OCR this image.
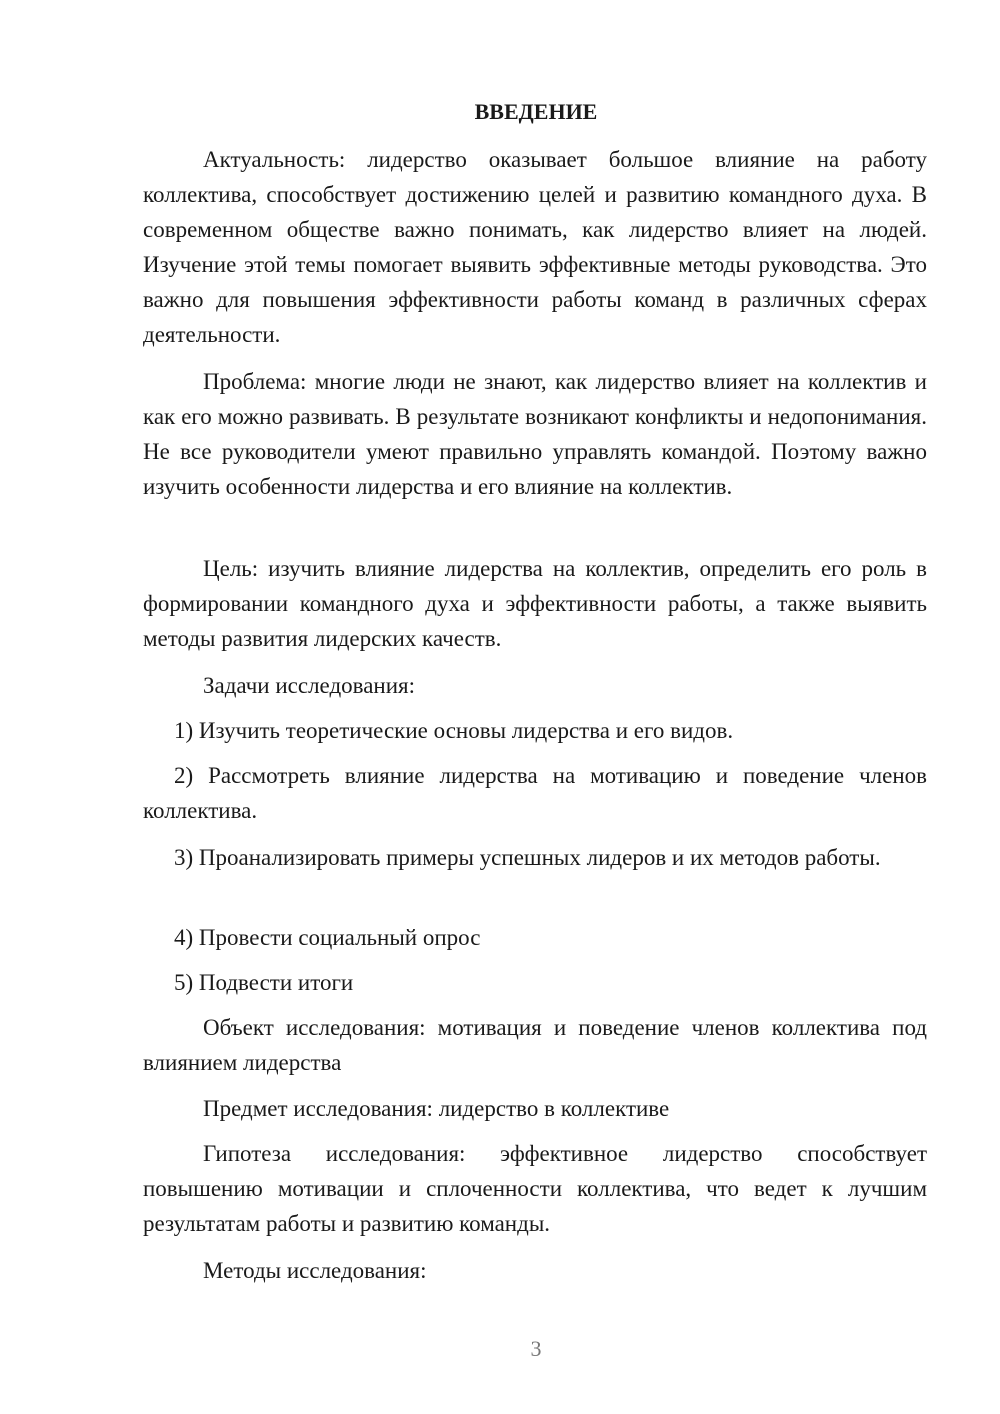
ВВЕДЕНИЕ

Актуальность: лидерство оказывает большое влияние на работу коллектива, способствует достижению целей и развитию командного духа. В современном обществе важно понимать, как лидерство влияет на людей. Изучение этой темы помогает выявить эффективные методы руководства. Это важно для повышения эффективности работы команд в различных сферах деятельности.

Проблема: многие люди не знают, как лидерство влияет на коллектив и как его можно развивать. В результате возникают конфликты и недопонимания. Не все руководители умеют правильно управлять командой. Поэтому важно изучить особенности лидерства и его влияние на коллектив.

Цель: изучить влияние лидерства на коллектив, определить его роль в формировании командного духа и эффективности работы, а также выявить методы развития лидерских качеств.

Задачи исследования:

1) Изучить теоретические основы лидерства и его видов.

2) Рассмотреть влияние лидерства на мотивацию и поведение членов коллектива.

3) Проанализировать примеры успешных лидеров и их методов работы.

4) Провести социальный опрос

5) Подвести итоги

Объект исследования: мотивация и поведение членов коллектива под влиянием лидерства

Предмет исследования: лидерство в коллективе

Гипотеза исследования: эффективное лидерство способствует повышению мотивации и сплоченности коллектива, что ведет к лучшим результатам работы и развитию команды.

Методы исследования:

3
